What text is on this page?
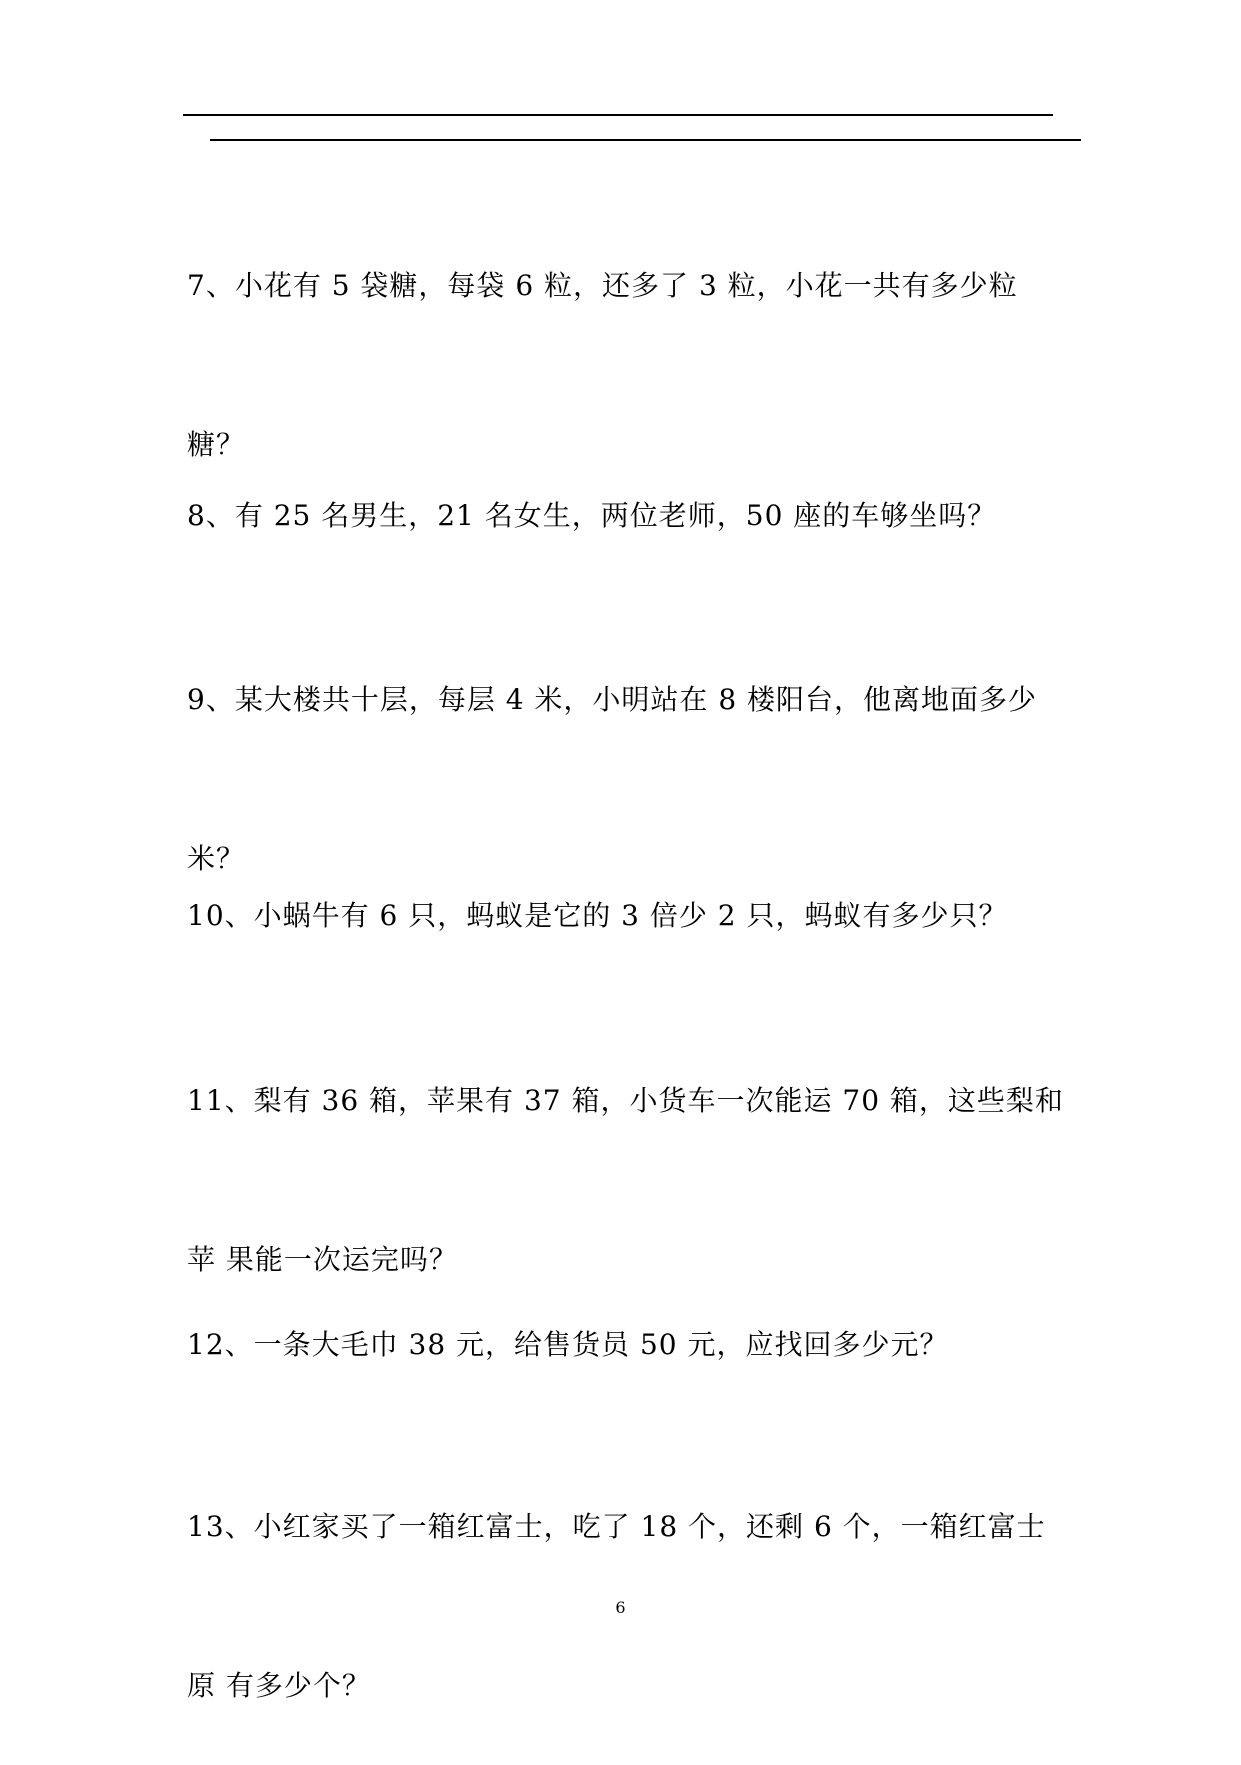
7、小花有 5 袋糖，每袋 6 粒，还多了 3 粒，小花一共有多少粒

糖？

8、有 25 名男生，21 名女生，两位老师，50 座的车够坐吗？

9、某大楼共十层，每层 4 米，小明站在 8 楼阳台，他离地面多少

米？

10、小蜗牛有 6 只，蚂蚁是它的 3 倍少 2 只，蚂蚁有多少只？

11、梨有 36 箱，苹果有 37 箱，小货车一次能运 70 箱，这些梨和

苹 果能一次运完吗？

12、一条大毛巾 38 元，给售货员 50 元，应找回多少元？

13、小红家买了一箱红富士，吃了 18 个，还剩 6 个，一箱红富士

原 有多少个？

6
